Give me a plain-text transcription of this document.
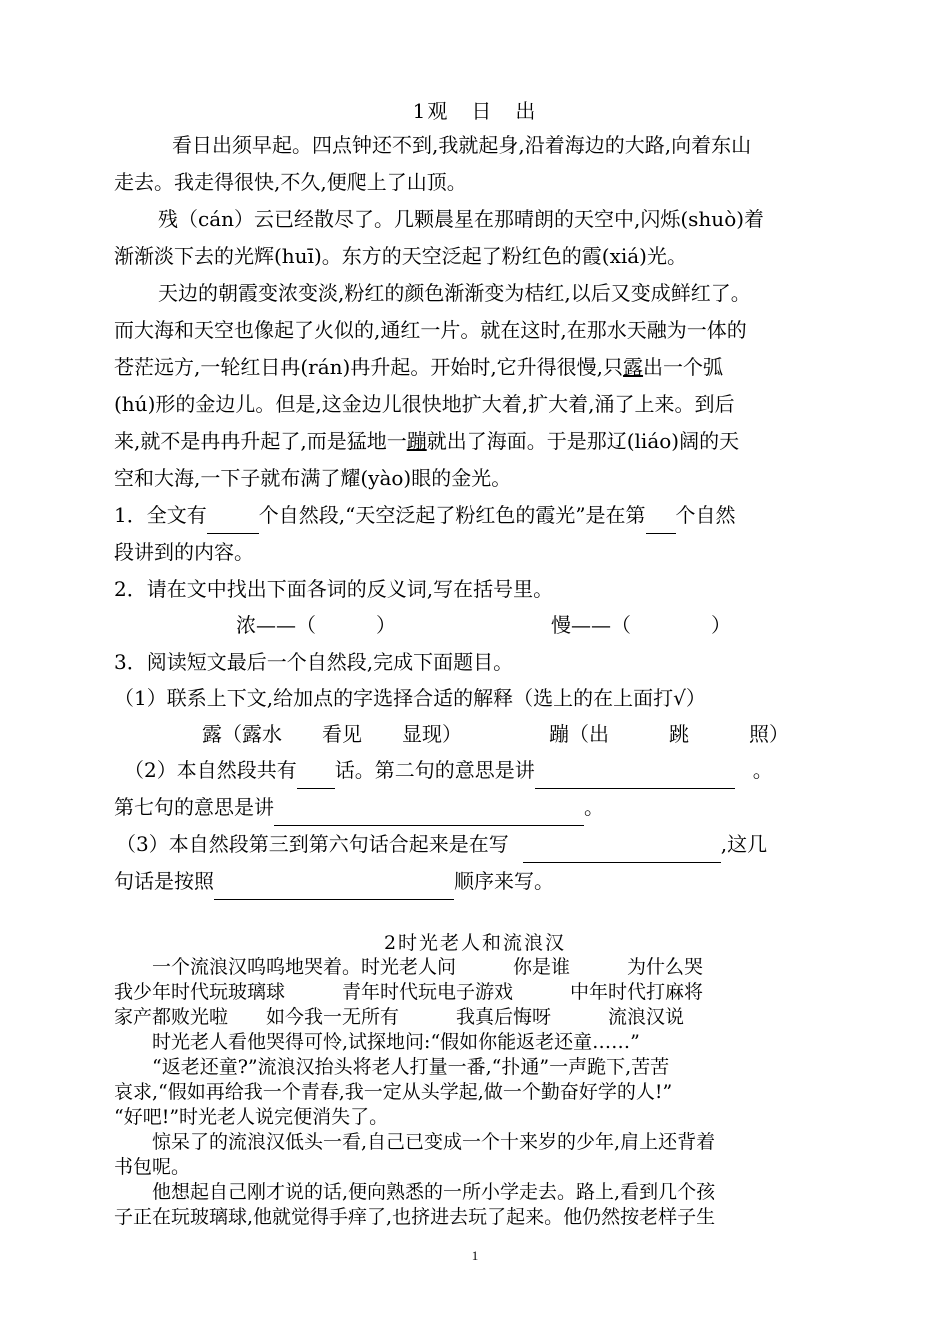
1观　日　出
看日出须早起。四点钟还不到,我就起身,沿着海边的大路,向着东山
走去。我走得很快,不久,便爬上了山顶。
残（cán）云已经散尽了。几颗晨星在那晴朗的天空中,闪烁(shuò)着
渐渐淡下去的光辉(huī)。东方的天空泛起了粉红色的霞(xiá)光。
天边的朝霞变浓变淡,粉红的颜色渐渐变为桔红,以后又变成鲜红了。
而大海和天空也像起了火似的,通红一片。就在这时,在那水天融为一体的
苍茫远方,一轮红日冉(rán)冉升起。开始时,它升得很慢,只露出一个弧
(hú)形的金边儿。但是,这金边儿很快地扩大着,扩大着,涌了上来。到后
来,就不是冉冉升起了,而是猛地一蹦就出了海面。于是那辽(liáo)阔的天
空和大海,一下子就布满了耀(yào)眼的金光。
1．全文有	个自然段,“天空泛起了粉红色的霞光”是在第 个自然
段讲到的内容。
2．请在文中找出下面各词的反义词,写在括号里。
浓——（　　　）	慢——（　　　　）
3．阅读短文最后一个自然段,完成下面题目。
（1）联系上下文,给加点的字选择合适的解释（选上的在上面打√）
露（露水　　看见　　显现）	蹦（出　　　跳　　　照）
（2）本自然段共有 话。第二句的意思是讲	。
第七句的意思是讲	。
（3）本自然段第三到第六句话合起来是在写	,这几
句话是按照	顺序来写。
2时光老人和流浪汉
　　一个流浪汉呜呜地哭着。时光老人问　　　你是谁　　　为什么哭
我少年时代玩玻璃球　　　青年时代玩电子游戏　　　中年时代打麻将
家产都败光啦　　如今我一无所有　　　我真后悔呀　　　流浪汉说
　　时光老人看他哭得可怜,试探地问:“假如你能返老还童……”
　　“返老还童?”流浪汉抬头将老人打量一番,“扑通”一声跪下,苦苦
哀求,“假如再给我一个青春,我一定从头学起,做一个勤奋好学的人!”
“好吧!”时光老人说完便消失了。
　　惊呆了的流浪汉低头一看,自己已变成一个十来岁的少年,肩上还背着
书包呢。
　　他想起自己刚才说的话,便向熟悉的一所小学走去。路上,看到几个孩
子正在玩玻璃球,他就觉得手痒了,也挤进去玩了起来。他仍然按老样子生
1
